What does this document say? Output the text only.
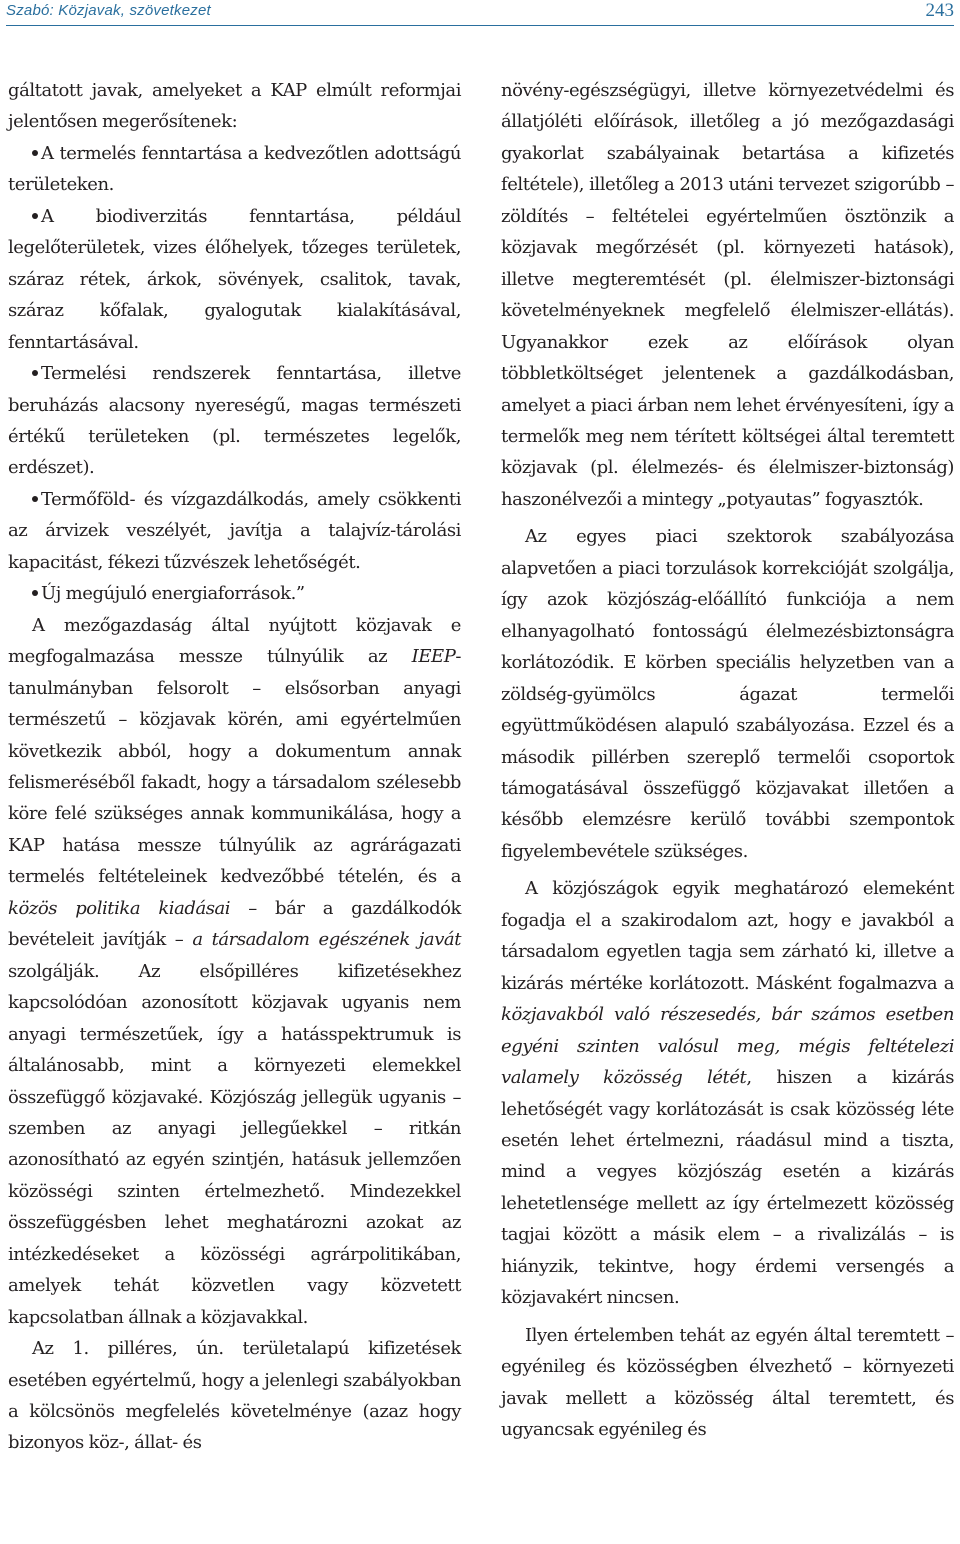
Szabó: Közjavak, szövetkezet	243

gáltatott javak, amelyeket a KAP elmúlt reformjai jelentősen megerősítenek:

A termelés fenntartása a kedvezőtlen adottságú területeken.

A biodiverzitás fenntartása, például legelőterületek, vizes élőhelyek, tőzeges területek, száraz rétek, árkok, sövények, csalitok, tavak, száraz kőfalak, gyalogutak kialakításával, fenntartásával.

Termelési rendszerek fenntartása, illetve beruházás alacsony nyereségű, magas természeti értékű területeken (pl. természetes legelők, erdészet).

Termőföld- és vízgazdálkodás, amely csökkenti az árvizek veszélyét, javítja a talajvíz-tárolási kapacitást, fékezi tűzvészek lehetőségét.

Új megújuló energiaforrások.”

A mezőgazdaság által nyújtott közjavak e megfogalmazása messze túlnyúlik az IEEP-tanulmányban felsorolt – elsősorban anyagi természetű – közjavak körén, ami egyértelműen következik abból, hogy a dokumentum annak felismeréséből fakadt, hogy a társadalom szélesebb köre felé szükséges annak kommunikálása, hogy a KAP hatása messze túlnyúlik az agrárágazati termelés feltételeinek kedvezőbbé tételén, és a közös politika kiadásai – bár a gazdálkodók bevételeit javítják – a társadalom egészének javát szolgálják. Az elsőpilléres kifizetésekhez kapcsolódóan azonosított közjavak ugyanis nem anyagi természetűek, így a hatásspektrumuk is általánosabb, mint a környezeti elemekkel összefüggő közjavaké. Közjószág jellegük ugyanis – szemben az anyagi jellegűekkel – ritkán azonosítható az egyén szintjén, hatásuk jellemzően közösségi szinten értelmezhető. Mindezekkel összefüggésben lehet meghatározni azokat az intézkedéseket a közösségi agrárpolitikában, amelyek tehát közvetlen vagy közvetett kapcsolatban állnak a közjavakkal.

Az 1. pilléres, ún. területalapú kifizetések esetében egyértelmű, hogy a jelenlegi szabályokban a kölcsönös megfelelés követelménye (azaz hogy bizonyos köz-, állat- és

növény-egészségügyi, illetve környezetvédelmi és állatjóléti előírások, illetőleg a jó mezőgazdasági gyakorlat szabályainak betartása a kifizetés feltétele), illetőleg a 2013 utáni tervezet szigorúbb – zöldítés – feltételei egyértelműen ösztönzik a közjavak megőrzését (pl. környezeti hatások), illetve megteremtését (pl. élelmiszer-biztonsági követelményeknek megfelelő élelmiszer-ellátás). Ugyanakkor ezek az előírások olyan többletköltséget jelentenek a gazdálkodásban, amelyet a piaci árban nem lehet érvényesíteni, így a termelők meg nem térített költségei által teremtett közjavak (pl. élelmezés- és élelmiszer-biztonság) haszonélvezői a mintegy „potyautas” fogyasztók.

Az egyes piaci szektorok szabályozása alapvetően a piaci torzulások korrekcióját szolgálja, így azok közjószág-előállító funkciója a nem elhanyagolható fontosságú élelmezésbiztonságra korlátozódik. E körben speciális helyzetben van a zöldség-gyümölcs ágazat termelői együttműködésen alapuló szabályozása. Ezzel és a második pillérben szereplő termelői csoportok támogatásával összefüggő közjavakat illetően a később elemzésre kerülő további szempontok figyelembevétele szükséges.

A közjószágok egyik meghatározó elemeként fogadja el a szakirodalom azt, hogy e javakból a társadalom egyetlen tagja sem zárható ki, illetve a kizárás mértéke korlátozott. Másként fogalmazva a közjavakból való részesedés, bár számos esetben egyéni szinten valósul meg, mégis feltételezi valamely közösség létét, hiszen a kizárás lehetőségét vagy korlátozását is csak közösség léte esetén lehet értelmezni, ráadásul mind a tiszta, mind a vegyes közjószág esetén a kizárás lehetetlensége mellett az így értelmezett közösség tagjai között a másik elem – a rivalizálás – is hiányzik, tekintve, hogy érdemi versengés a közjavakért nincsen.

Ilyen értelemben tehát az egyén által teremtett – egyénileg és közösségben élvezhető – környezeti javak mellett a közösség által teremtett, és ugyancsak egyénileg és
